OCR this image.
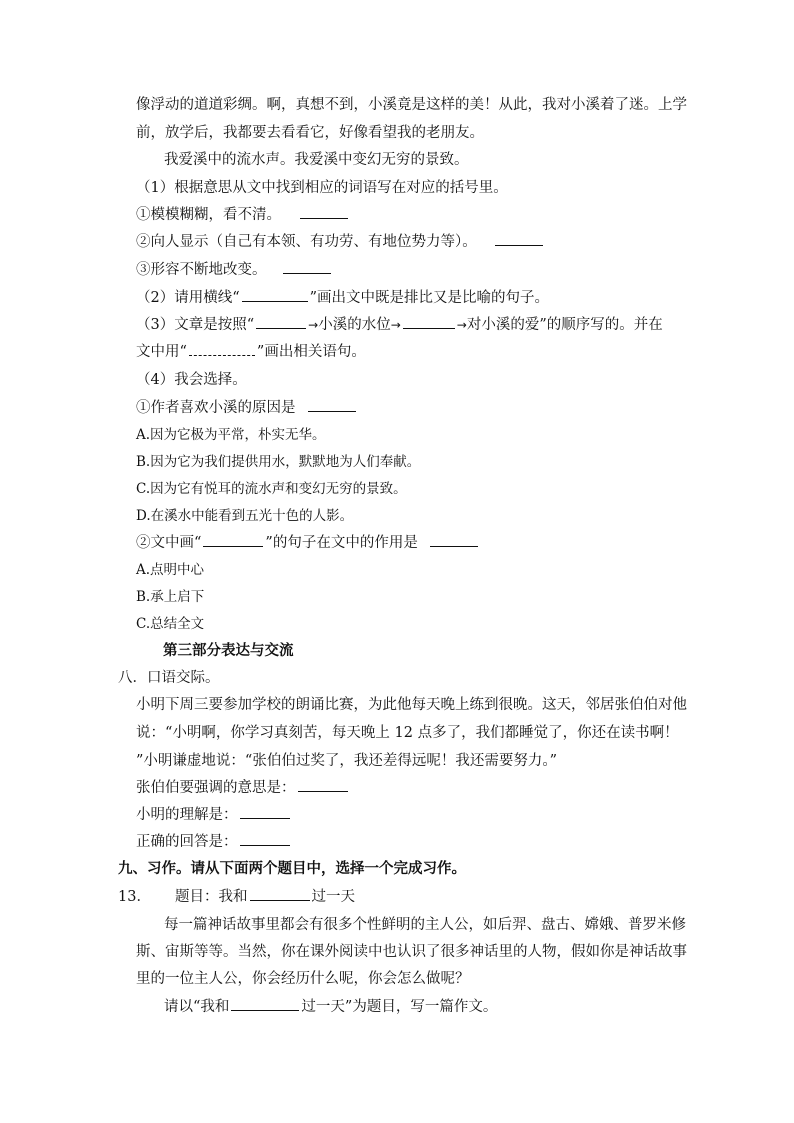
像浮动的道道彩绸。啊，真想不到，小溪竟是这样的美！从此，我对小溪着了迷。上学
前，放学后，我都要去看看它，好像看望我的老朋友。
我爱溪中的流水声。我爱溪中变幻无穷的景致。
（1）根据意思从文中找到相应的词语写在对应的括号里。
①模模糊糊，看不清。
②向人显示（自己有本领、有功劳、有地位势力等）。
③形容不断地改变。
（2）请用横线“	”画出文中既是排比又是比喻的句子。
（3）文章是按照“	→小溪的水位→	→对小溪的爱”的顺序写的。并在
文中用“	”画出相关语句。
（4）我会选择。
①作者喜欢小溪的原因是
A.因为它极为平常，朴实无华。
B.因为它为我们提供用水，默默地为人们奉献。
C.因为它有悦耳的流水声和变幻无穷的景致。
D.在溪水中能看到五光十色的人影。
②文中画“	”的句子在文中的作用是
A.点明中心
B.承上启下
C.总结全文
第三部分表达与交流
八．口语交际。
小明下周三要参加学校的朗诵比赛，为此他每天晚上练到很晚。这天，邻居张伯伯对他
说：“小明啊，你学习真刻苦，每天晚上 12 点多了，我们都睡觉了，你还在读书啊！
”小明谦虚地说：“张伯伯过奖了，我还差得远呢！我还需要努力。”
张伯伯要强调的意思是：
小明的理解是：
正确的回答是：
九、习作。请从下面两个题目中，选择一个完成习作。
13． 题目：我和	过一天
每一篇神话故事里都会有很多个性鲜明的主人公，如后羿、盘古、嫦娥、普罗米修
斯、宙斯等等。当然，你在课外阅读中也认识了很多神话里的人物，假如你是神话故事
里的一位主人公，你会经历什么呢，你会怎么做呢？
请以“我和	过一天”为题目，写一篇作文。
